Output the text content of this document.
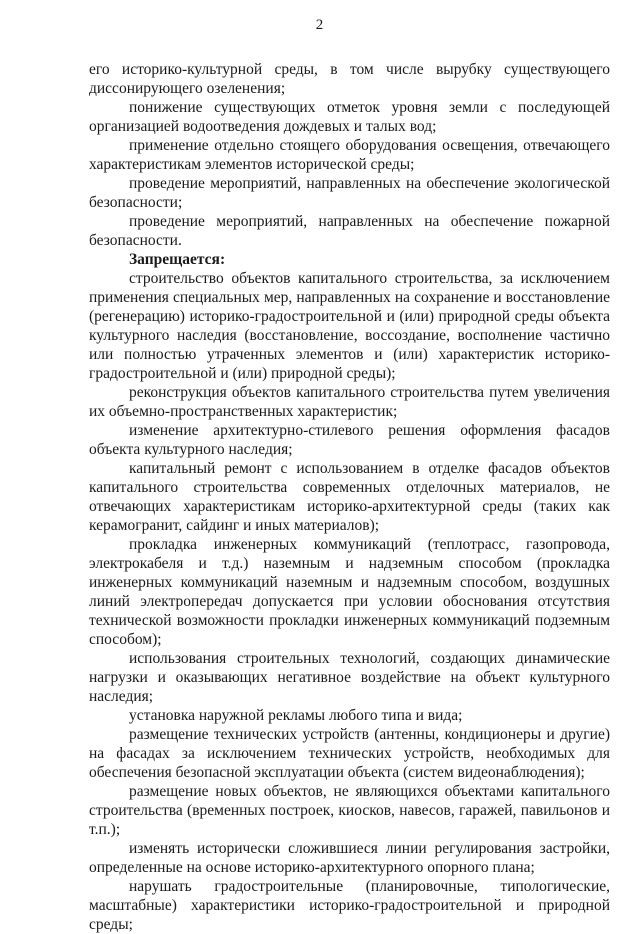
2

его историко-культурной среды, в том числе вырубку существующего диссонирующего озеленения;

понижение существующих отметок уровня земли с последующей организацией водоотведения дождевых и талых вод;

применение отдельно стоящего оборудования освещения, отвечающего характеристикам элементов исторической среды;

проведение мероприятий, направленных на обеспечение экологической безопасности;

проведение мероприятий, направленных на обеспечение пожарной безопасности.

Запрещается:

строительство объектов капитального строительства, за исключением применения специальных мер, направленных на сохранение и восстановление (регенерацию) историко-градостроительной и (или) природной среды объекта культурного наследия (восстановление, воссоздание, восполнение частично или полностью утраченных элементов и (или) характеристик историко-градостроительной и (или) природной среды);

реконструкция объектов капитального строительства путем увеличения их объемно-пространственных характеристик;

изменение архитектурно-стилевого решения оформления фасадов объекта культурного наследия;

капитальный ремонт с использованием в отделке фасадов объектов капитального строительства современных отделочных материалов, не отвечающих характеристикам историко-архитектурной среды (таких как керамогранит, сайдинг и иных материалов);

прокладка инженерных коммуникаций (теплотрасс, газопровода, электрокабеля и т.д.) наземным и надземным способом (прокладка инженерных коммуникаций наземным и надземным способом, воздушных линий электропередач допускается при условии обоснования отсутствия технической возможности прокладки инженерных коммуникаций подземным способом);

использования строительных технологий, создающих динамические нагрузки и оказывающих негативное воздействие на объект культурного наследия;

установка наружной рекламы любого типа и вида;

размещение технических устройств (антенны, кондиционеры и другие) на фасадах за исключением технических устройств, необходимых для обеспечения безопасной эксплуатации объекта (систем видеонаблюдения);

размещение новых объектов, не являющихся объектами капитального строительства (временных построек, киосков, навесов, гаражей, павильонов и т.п.);

изменять исторически сложившиеся линии регулирования застройки, определенные на основе историко-архитектурного опорного плана;

нарушать градостроительные (планировочные, типологические, масштабные) характеристики историко-градостроительной и природной среды;
